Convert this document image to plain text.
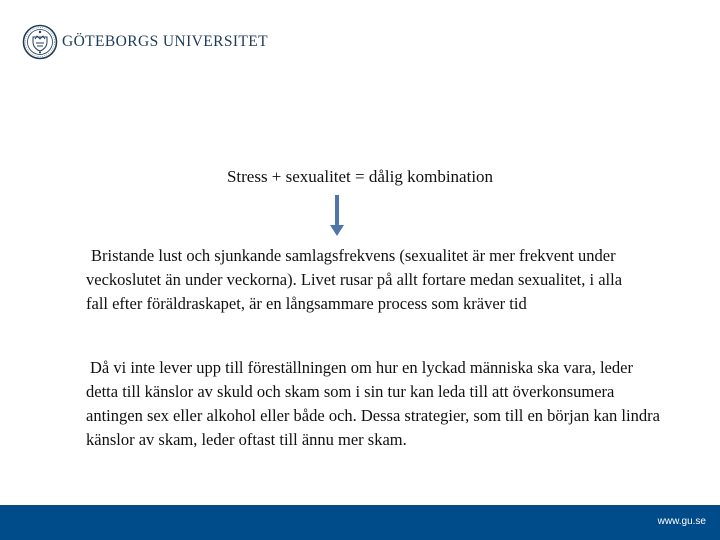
GÖTEBORGS UNIVERSITET
Stress + sexualitet = dålig kombination

Bristande lust och sjunkande samlagsfrekvens (sexualitet är mer frekvent under veckoslutet än under veckorna). Livet rusar på allt fortare medan sexualitet, i alla fall efter föräldraskapet, är en långsammare process som kräver tid

Då vi inte lever upp till föreställningen om hur en lyckad människa ska vara, leder detta till känslor av skuld och skam som i sin tur kan leda till att överkonsumera antingen sex eller alkohol eller både och. Dessa strategier, som till en början kan lindra känslor av skam, leder oftast till ännu mer skam.

www.gu.se
